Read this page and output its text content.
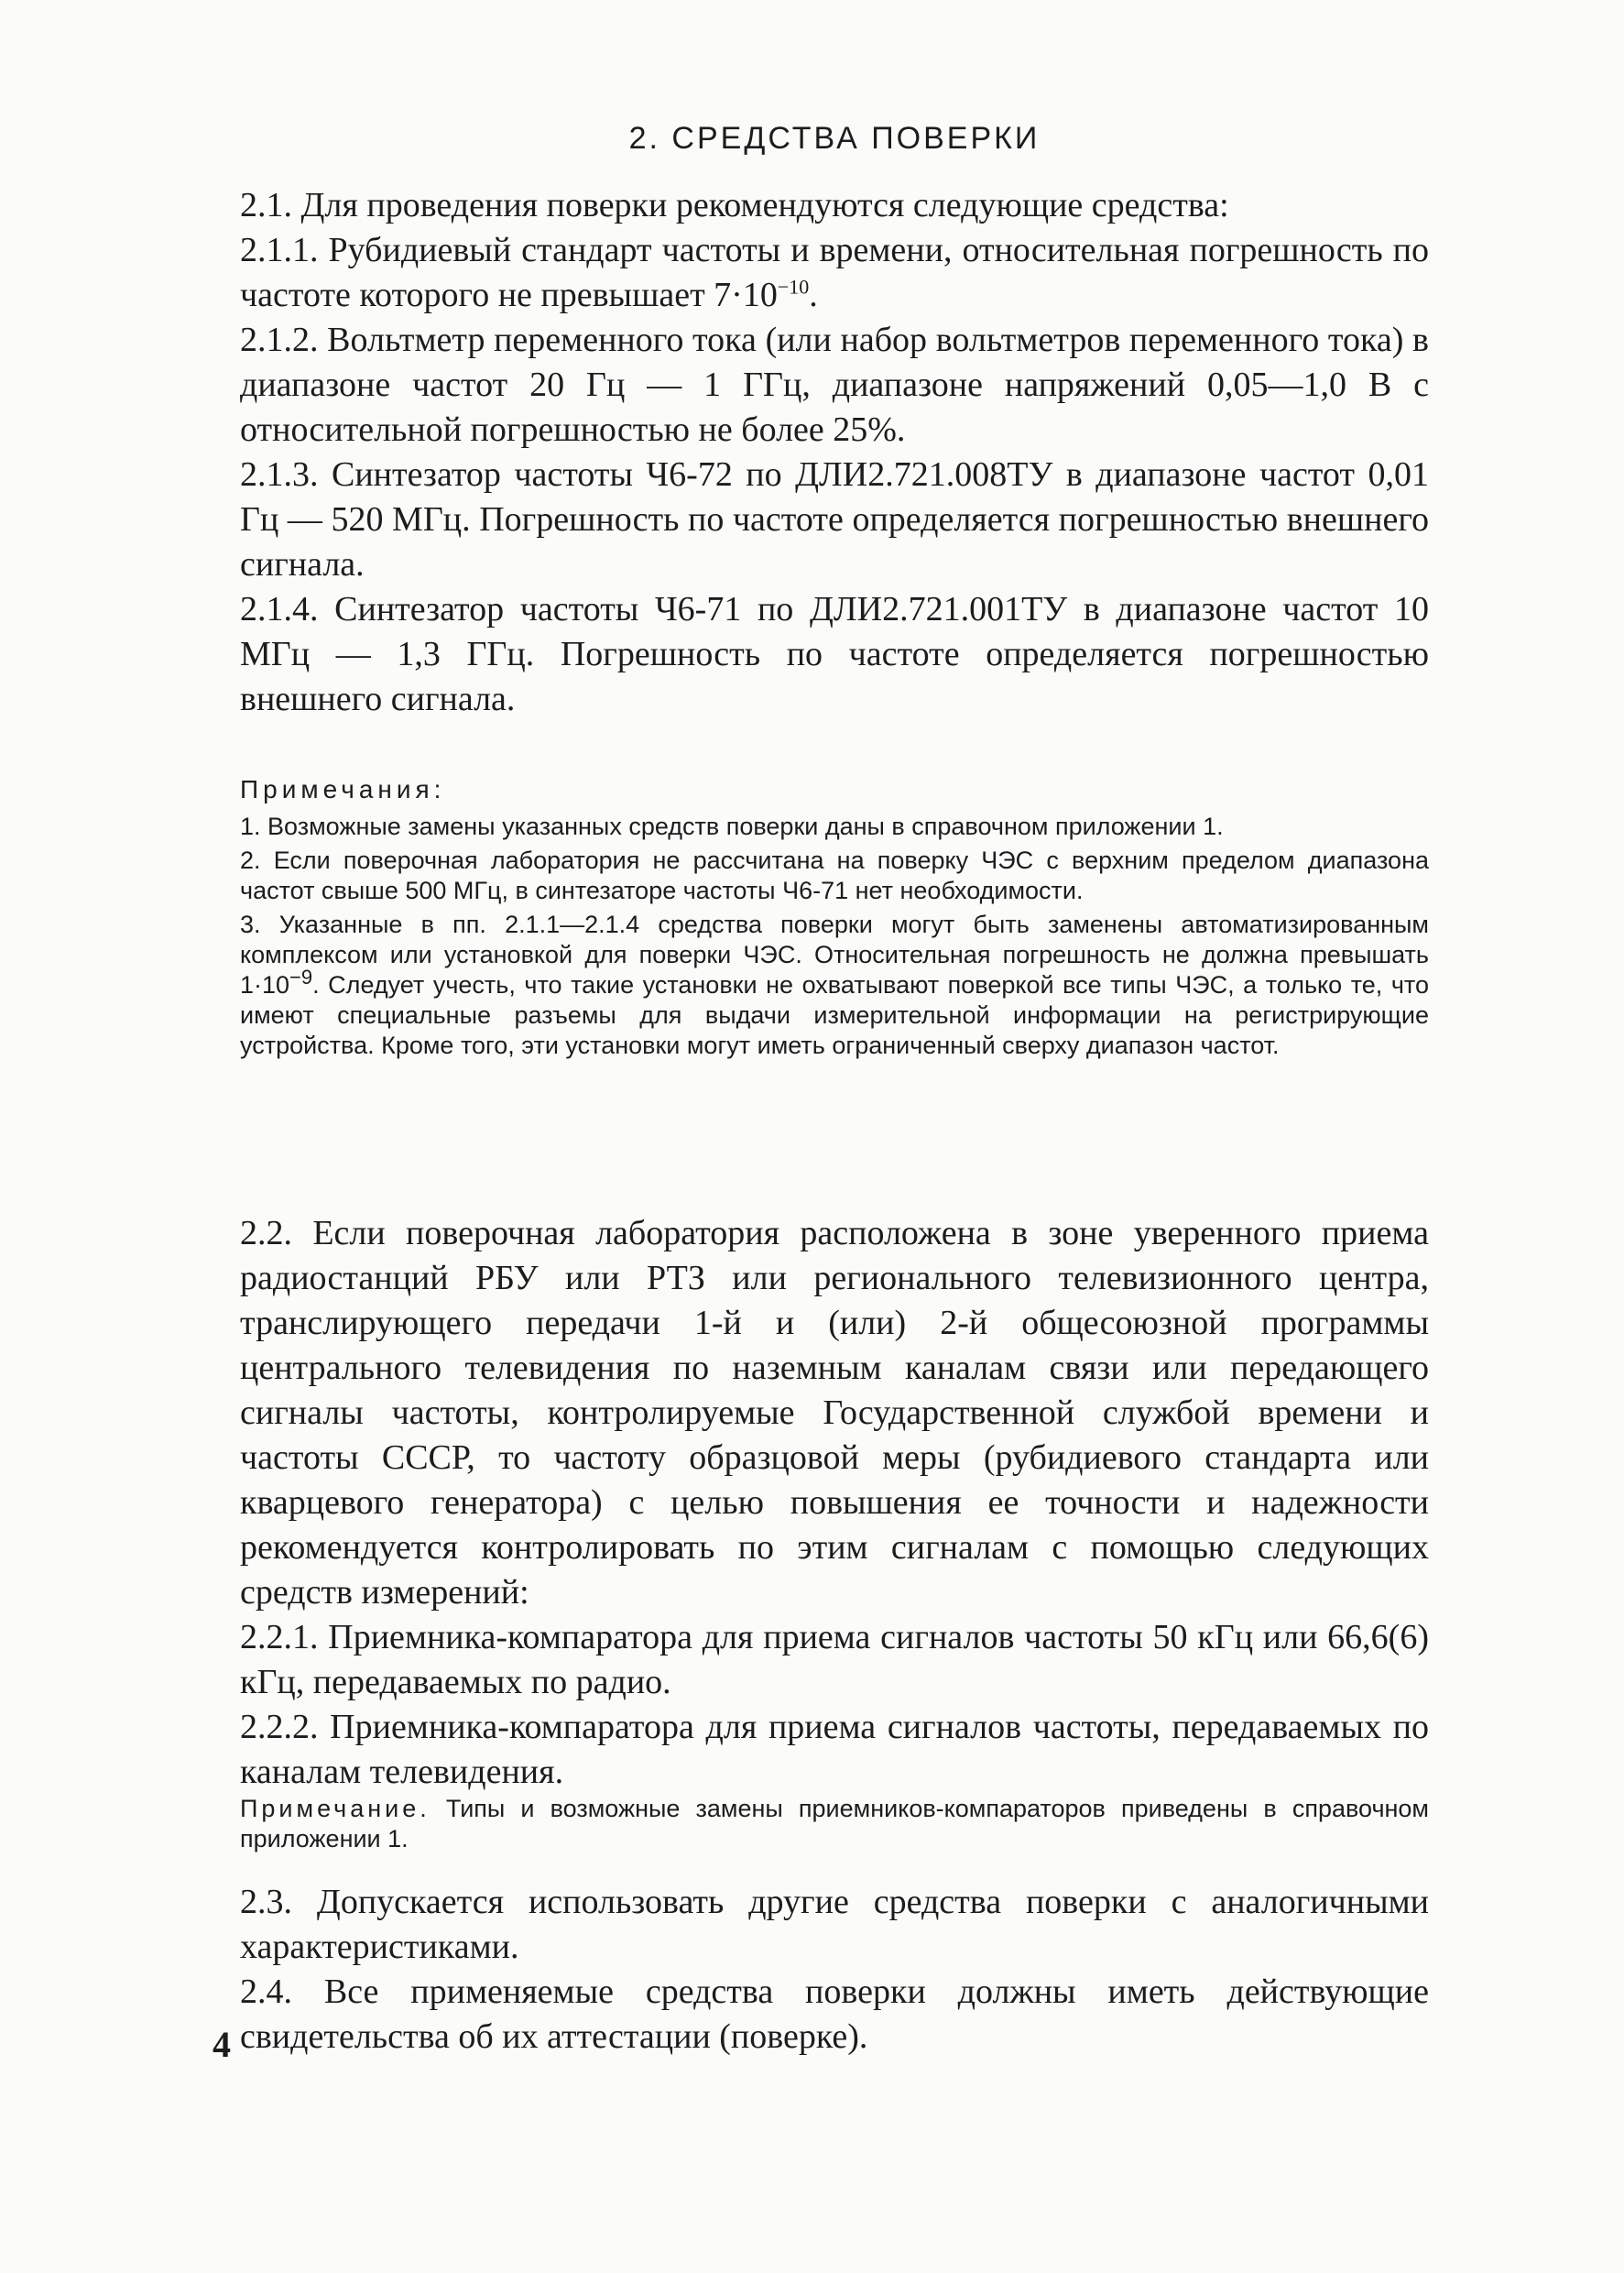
2. СРЕДСТВА ПОВЕРКИ

2.1. Для проведения поверки рекомендуются следующие средства:

2.1.1. Рубидиевый стандарт частоты и времени, относительная погрешность по частоте которого не превышает $7\cdot 10^{-10}$.

2.1.2. Вольтметр переменного тока (или набор вольтметров переменного тока) в диапазоне частот 20 Гц — 1 ГГц, диапазоне напряжений 0,05—1,0 В с относительной погрешностью не более 25%.

2.1.3. Синтезатор частоты Ч6-72 по ДЛИ2.721.008ТУ в диапазоне частот 0,01 Гц — 520 МГц. Погрешность по частоте определяется погрешностью внешнего сигнала.

2.1.4. Синтезатор частоты Ч6-71 по ДЛИ2.721.001ТУ в диапазоне частот 10 МГц — 1,3 ГГц. Погрешность по частоте определяется погрешностью внешнего сигнала.

Примечания:

1. Возможные замены указанных средств поверки даны в справочном приложении 1.

2. Если поверочная лаборатория не рассчитана на поверку ЧЭС с верхним пределом диапазона частот свыше 500 МГц, в синтезаторе частоты Ч6-71 нет необходимости.

3. Указанные в пп. 2.1.1—2.1.4 средства поверки могут быть заменены автоматизированным комплексом или установкой для поверки ЧЭС. Относительная погрешность не должна превышать $1\cdot 10^{-9}$. Следует учесть, что такие установки не охватывают поверкой все типы ЧЭС, а только те, что имеют специальные разъемы для выдачи измерительной информации на регистрирующие устройства. Кроме того, эти установки могут иметь ограниченный сверху диапазон частот.

2.2. Если поверочная лаборатория расположена в зоне уверенного приема радиостанций РБУ или РТЗ или регионального телевизионного центра, транслирующего передачи 1-й и (или) 2-й общесоюзной программы центрального телевидения по наземным каналам связи или передающего сигналы частоты, контролируемые Государственной службой времени и частоты СССР, то частоту образцовой меры (рубидиевого стандарта или кварцевого генератора) с целью повышения ее точности и надежности рекомендуется контролировать по этим сигналам с помощью следующих средств измерений:

2.2.1. Приемника-компаратора для приема сигналов частоты 50 кГц или 66,6(6) кГц, передаваемых по радио.

2.2.2. Приемника-компаратора для приема сигналов частоты, передаваемых по каналам телевидения.

Примечание. Типы и возможные замены приемников-компараторов приведены в справочном приложении 1.

2.3. Допускается использовать другие средства поверки с аналогичными характеристиками.

2.4. Все применяемые средства поверки должны иметь действующие свидетельства об их аттестации (поверке).

4
